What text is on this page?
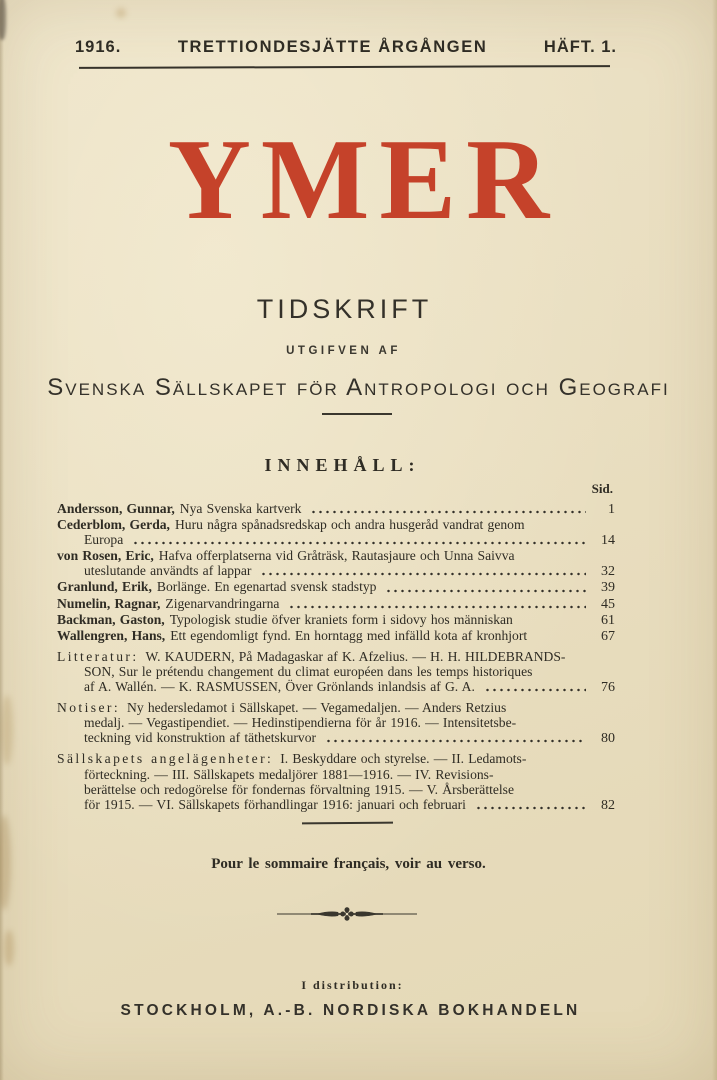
1916.	TRETTIONDESJÄTTE ÅRGÅNGEN	HÄFT. 1.
YMER
TIDSKRIFT
UTGIFVEN AF
Svenska Sällskapet för Antropologi och Geografi
INNEHÅLL:
Sid.
Andersson, Gunnar, Nya Svenska kartverk	1
Cederblom, Gerda, Huru några spånadsredskap och andra husgeråd vandrat genom
Europa	14
von Rosen, Eric, Hafva offerplatserna vid Gråträsk, Rautasjaure och Unna Saivva
uteslutande användts af lappar	32
Granlund, Erik, Borlänge. En egenartad svensk stadstyp	39
Numelin, Ragnar, Zigenarvandringarna	45
Backman, Gaston, Typologisk studie öfver kraniets form i sidovy hos människan	61
Wallengren, Hans, Ett egendomligt fynd. En horntagg med infälld kota af kronhjort	67
Litteratur: W. KAUDERN, På Madagaskar af K. Afzelius. — H. H. HILDEBRANDS-
SON, Sur le prétendu changement du climat européen dans les temps historiques
af A. Wallén. — K. RASMUSSEN, Över Grönlands inlandsis af G. A.	76
Notiser: Ny hedersledamot i Sällskapet. — Vegamedaljen. — Anders Retzius
medalj. — Vegastipendiet. — Hedinstipendierna för år 1916. — Intensitetsbe-
teckning vid konstruktion af täthetskurvor	80
Sällskapets angelägenheter: I. Beskyddare och styrelse. — II. Ledamots-
förteckning. — III. Sällskapets medaljörer 1881—1916. — IV. Revisions-
berättelse och redogörelse för fondernas förvaltning 1915. — V. Årsberättelse
för 1915. — VI. Sällskapets förhandlingar 1916: januari och februari	82
Pour le sommaire français, voir au verso.
I distribution:
STOCKHOLM, A.-B. NORDISKA BOKHANDELN
